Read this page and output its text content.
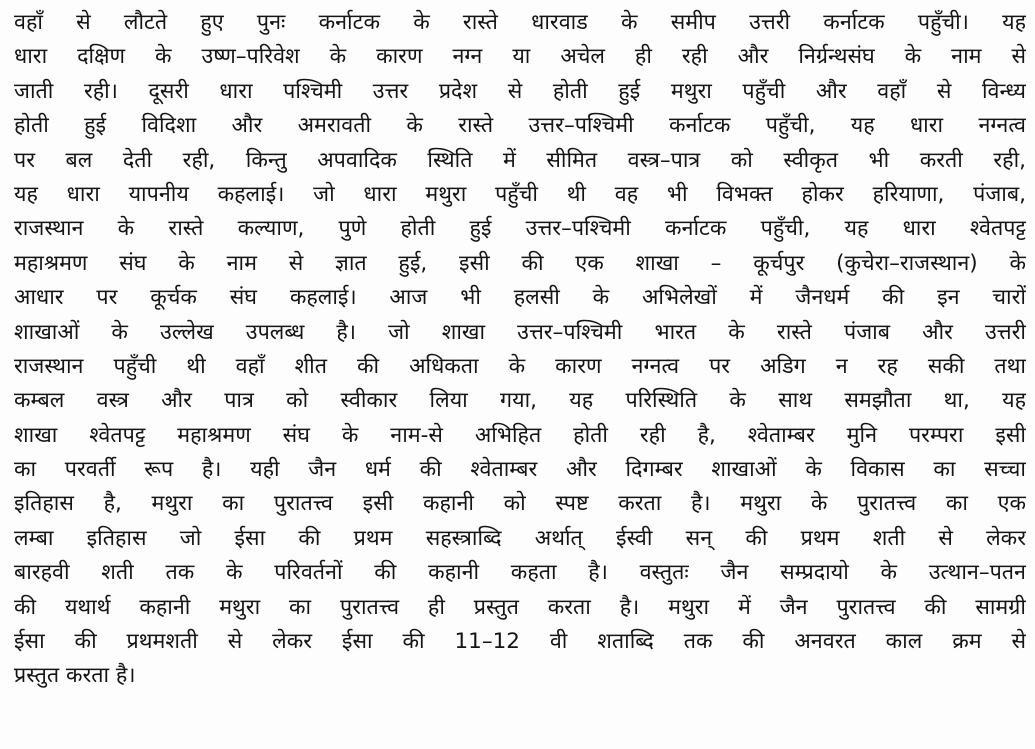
वहाँ से लौटते हुए पुनः कर्नाटक के रास्ते धारवाड के समीप उत्तरी कर्नाटक पहुँची। यह
धारा दक्षिण के उष्ण–परिवेश के कारण नग्न या अचेल ही रही और निर्ग्रन्थसंघ के नाम से
जाती रही। दूसरी धारा पश्चिमी उत्तर प्रदेश से होती हुई मथुरा पहुँची और वहाँ से विन्ध्य
होती हुई विदिशा और अमरावती के रास्ते उत्तर–पश्चिमी कर्नाटक पहुँची, यह धारा नग्नत्व
पर बल देती रही, किन्तु अपवादिक स्थिति में सीमित वस्त्र–पात्र को स्वीकृत भी करती रही,
यह धारा यापनीय कहलाई। जो धारा मथुरा पहुँची थी वह भी विभक्त होकर हरियाणा, पंजाब,
राजस्थान के रास्ते कल्याण, पुणे होती हुई उत्तर–पश्चिमी कर्नाटक पहुँची, यह धारा श्वेतपट्ट
महाश्रमण संघ के नाम से ज्ञात हुई, इसी की एक शाखा – कूर्चपुर (कुचेरा–राजस्थान) के
आधार पर कूर्चक संघ कहलाई। आज भी हलसी के अभिलेखों में जैनधर्म की इन चारों
शाखाओं के उल्लेख उपलब्ध है। जो शाखा उत्तर–पश्चिमी भारत के रास्ते पंजाब और उत्तरी
राजस्थान पहुँची थी वहाँ शीत की अधिकता के कारण नग्नत्व पर अडिग न रह सकी तथा
कम्बल वस्त्र और पात्र को स्वीकार लिया गया, यह परिस्थिति के साथ समझौता था, यह
शाखा श्वेतपट्ट महाश्रमण संघ के नाम-से अभिहित होती रही है, श्वेताम्बर मुनि परम्परा इसी
का परवर्ती रूप है। यही जैन धर्म की श्वेताम्बर और दिगम्बर शाखाओं के विकास का सच्चा
इतिहास है, मथुरा का पुरातत्त्व इसी कहानी को स्पष्ट करता है। मथुरा के पुरातत्त्व का एक
लम्बा इतिहास जो ईसा की प्रथम सहस्त्राब्दि अर्थात् ईस्वी सन् की प्रथम शती से लेकर
बारहवी शती तक के परिवर्तनों की कहानी कहता है। वस्तुतः जैन सम्प्रदायो के उत्थान–पतन
की यथार्थ कहानी मथुरा का पुरातत्त्व ही प्रस्तुत करता है। मथुरा में जैन पुरातत्त्व की सामग्री
ईसा की प्रथमशती से लेकर ईसा की 11–12 वी शताब्दि तक की अनवरत काल क्रम से
प्रस्तुत करता है।
